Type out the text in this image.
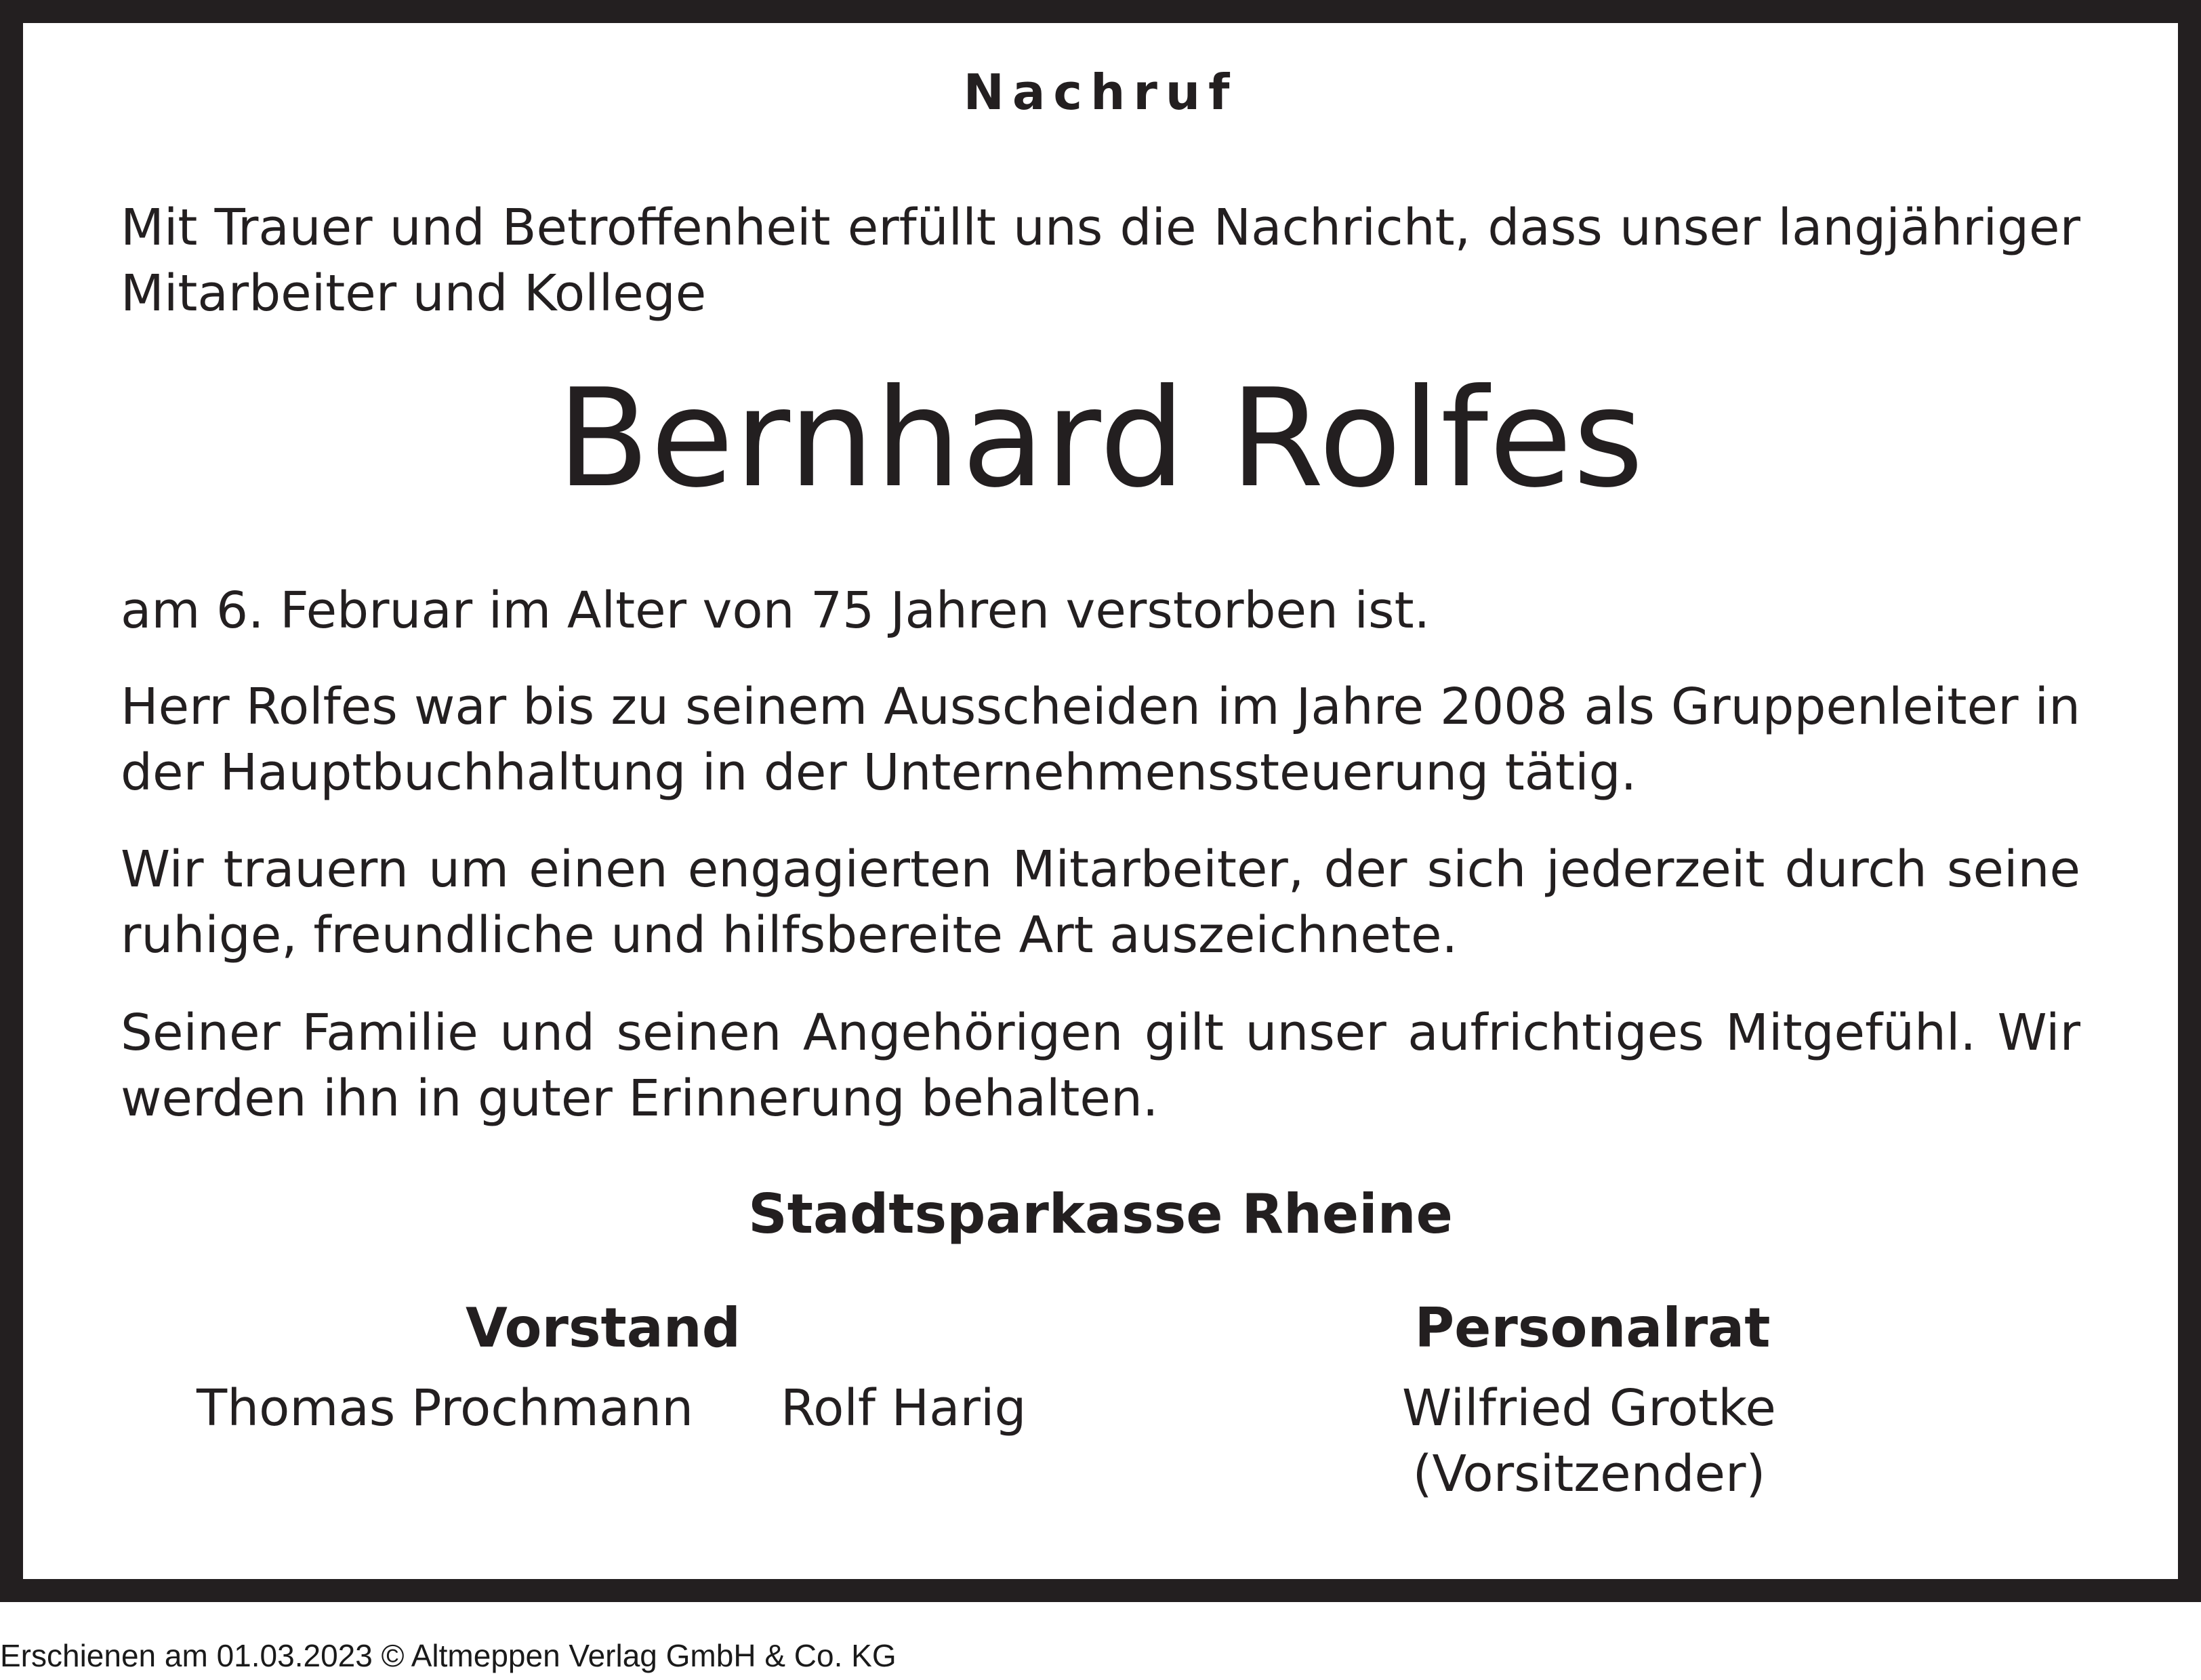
Nachruf
Mit Trauer und Betroffenheit erfüllt uns die Nachricht, dass unser langjähriger Mitarbeiter und Kollege
Bernhard Rolfes
am 6. Februar im Alter von 75 Jahren verstorben ist.
Herr Rolfes war bis zu seinem Ausscheiden im Jahre 2008 als Gruppenleiter in der Hauptbuchhaltung in der Unternehmenssteuerung tätig.
Wir trauern um einen engagierten Mitarbeiter, der sich jederzeit durch seine ruhige, freundliche und hilfsbereite Art auszeichnete.
Seiner Familie und seinen Angehörigen gilt unser aufrichtiges Mitgefühl. Wir werden ihn in guter Erinnerung behalten.
Stadtsparkasse Rheine
Vorstand	Personalrat
Thomas Prochmann Rolf Harig	Wilfried Grotke
(Vorsitzender)
Erschienen am 01.03.2023 © Altmeppen Verlag GmbH & Co. KG
